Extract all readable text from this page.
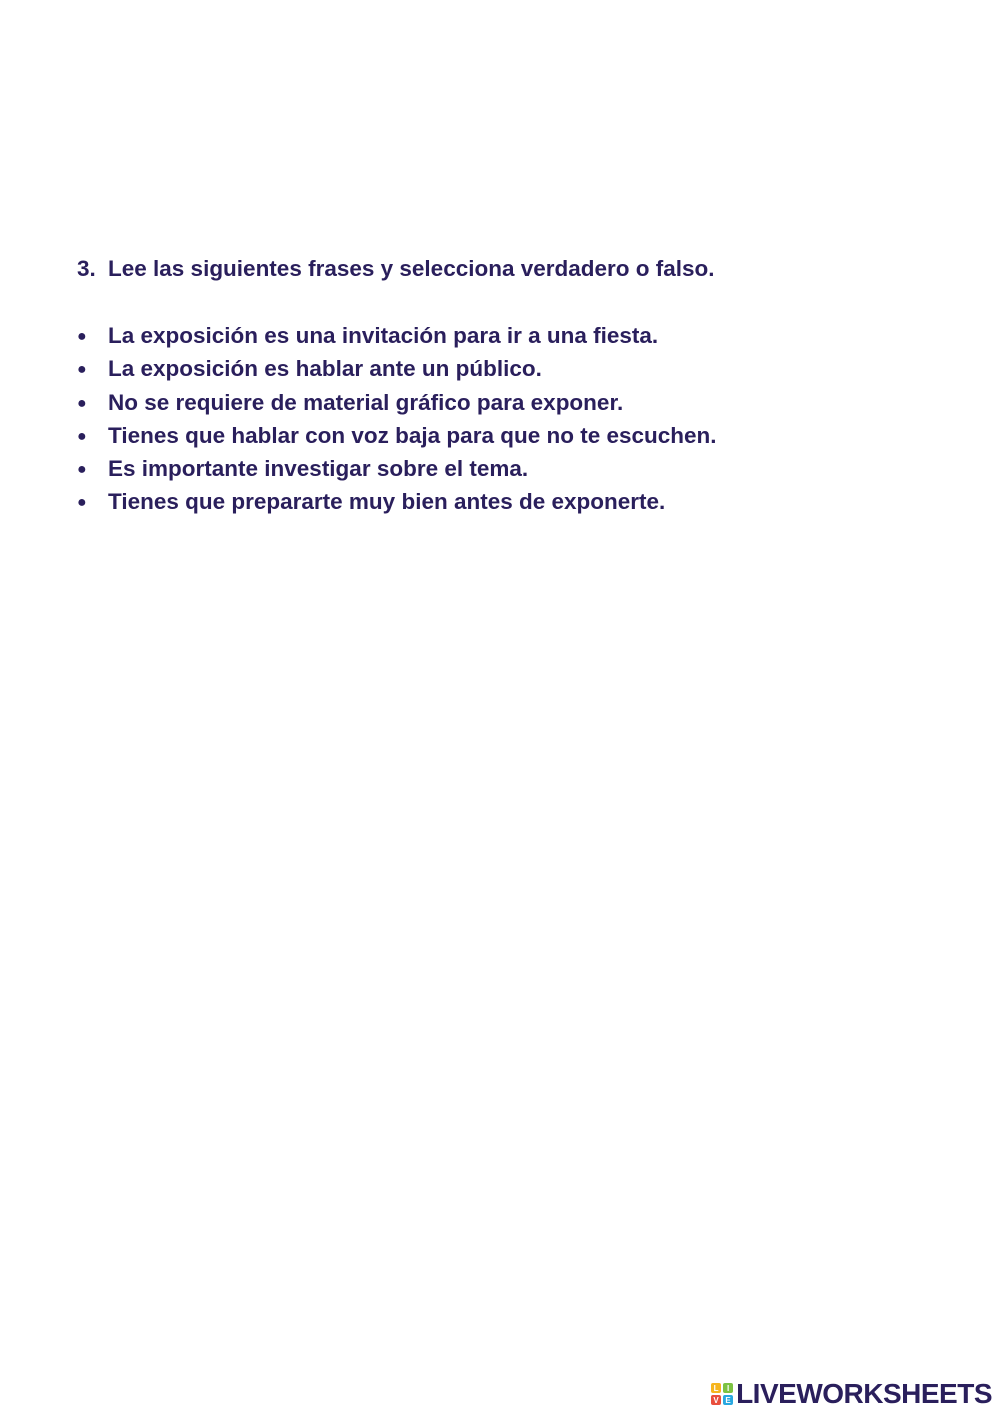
3. Lee las siguientes frases y selecciona verdadero o falso.

● La exposición es una invitación para ir a una fiesta.
● La exposición es hablar ante un público.
● No se requiere de material gráfico para exponer.
● Tienes que hablar con voz baja para que no te escuchen.
● Es importante investigar sobre el tema.
● Tienes que prepararte muy bien antes de exponerte.
L	I
V E LIVEWORKSHEETS
